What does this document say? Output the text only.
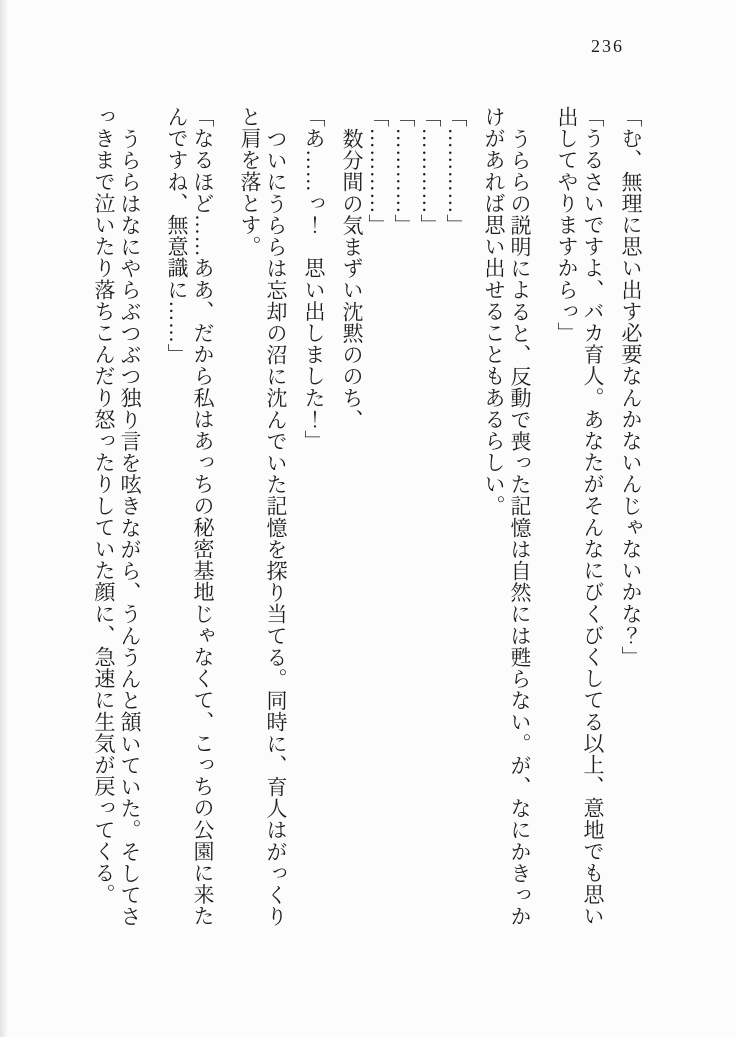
236

「む、無理に思い出す必要なんかないんじゃないかな？」

「うるさいですよ、バカ育人。あなたがそんなにびくびくしてる以上、意地でも思い

出してやりますからっ」

うららの説明によると、反動で喪った記憶は自然には甦らない。が、なにかきっか

けがあれば思い出せることもあるらしい。

「…………」

「…………」

「…………」

「…………」

数分間の気まずい沈黙ののち、

「あ……っ！　思い出しました！」

ついにうららは忘却の沼に沈んでいた記憶を探り当てる。同時に、育人はがっくり

と肩を落とす。

「なるほど……ああ、だから私はあっちの秘密基地じゃなくて、こっちの公園に来た

んですね、無意識に……」

うららはなにやらぶつぶつ独り言を呟きながら、うんうんと頷いていた。そしてさ

っきまで泣いたり落ちこんだり怒ったりしていた顔に、急速に生気が戻ってくる。
